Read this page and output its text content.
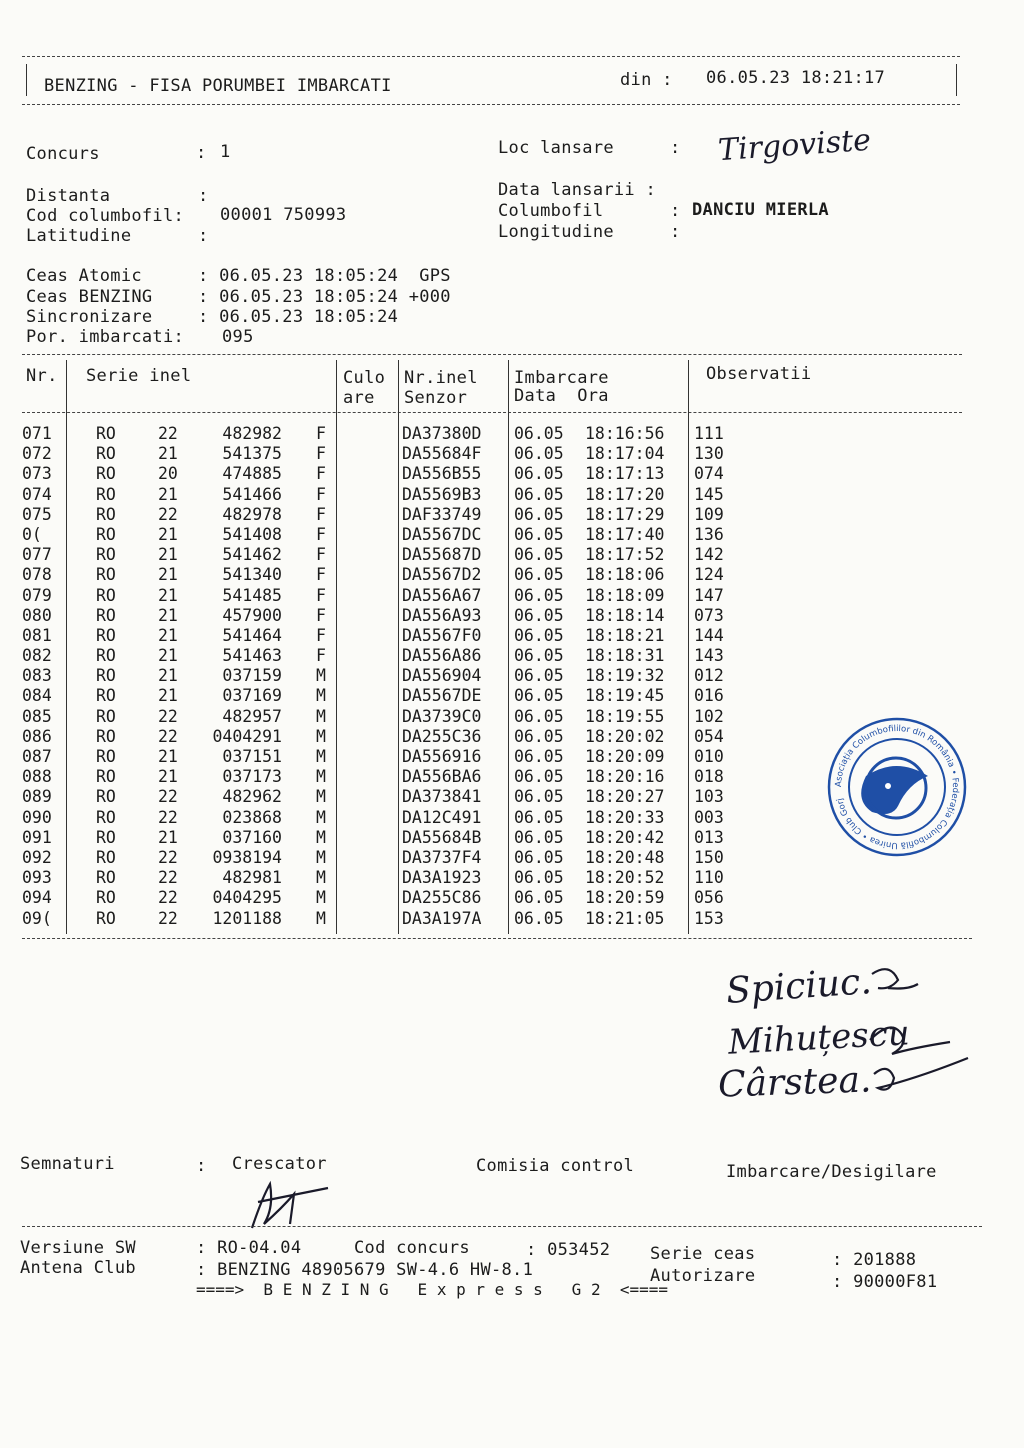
BENZING - FISA PORUMBEI IMBARCATI	din : 06.05.23 18:21:17
Concurs	: 1
Distanta	:
Cod columbofil: 00001 750993
Latitudine	:
Loc lansare	: Tirgoviste
Data lansarii :
Columbofil	: DANCIU MIERLA
Longitudine	:
Ceas Atomic	: 06.05.23 18:05:24  GPS
Ceas BENZING	: 06.05.23 18:05:24 +000
Sincronizare	: 06.05.23 18:05:24
Por. imbarcati: 095
Nr. Serie inel	Culo
are
Nr.inel
Senzor
Imbarcare
Data  Ora
Observatii
071	RO	22	482982 F	DA37380D 06.05 18:16:56 111
072	RO	21	541375 F	DA55684F 06.05 18:17:04 130
073	RO	20	474885 F	DA556B55 06.05 18:17:13 074
074	RO	21	541466 F	DA5569B3 06.05 18:17:20 145
075	RO	22	482978 F	DAF33749 06.05 18:17:29 109
0(	RO	21	541408 F	DA5567DC 06.05 18:17:40 136
077	RO	21	541462 F	DA55687D 06.05 18:17:52 142
078	RO	21	541340 F	DA5567D2 06.05 18:18:06 124
079	RO	21	541485 F	DA556A67 06.05 18:18:09 147
080	RO	21	457900 F	DA556A93 06.05 18:18:14 073
081	RO	21	541464 F	DA5567F0 06.05 18:18:21 144
082	RO	21	541463 F	DA556A86 06.05 18:18:31 143
083	RO	21	037159 M	DA556904 06.05 18:19:32 012
084	RO	21	037169 M	DA5567DE 06.05 18:19:45 016
085	RO	22	482957 M	DA3739C0 06.05 18:19:55 102
086	RO	22	0404291 M	DA255C36 06.05 18:20:02 054
087	RO	21	037151 M	DA556916 06.05 18:20:09 010
088	RO	21	037173 M	DA556BA6 06.05 18:20:16 018
089	RO	22	482962 M	DA373841 06.05 18:20:27 103
090	RO	22	023868 M	DA12C491 06.05 18:20:33 003
091	RO	21	037160 M	DA55684B 06.05 18:20:42 013
092	RO	22	0938194 M	DA3737F4 06.05 18:20:48 150
093	RO	22	482981 M	DA3A1923 06.05 18:20:52 110
094	RO	22	0404295 M	DA255C86 06.05 18:20:59 056
09(	RO	22	1201188 M	DA3A197A 06.05 18:21:05 153
Asociația Columbofililor din România • Federația Columbofilă Unirea • Club Gorj
Spiciuc.
Mihuțescu
Cârstea.
Semnaturi	: Crescator	Comisia control	Imbarcare/Desigilare
Versiune SW	: RO-04.04	Cod concurs	: 053452 Serie ceas	: 201888
Antena Club	: BENZING 48905679 SW-4.6 HW-8.1	Autorizare	: 90000F81
====>  B E N Z I N G   E x p r e s s   G 2  <====
